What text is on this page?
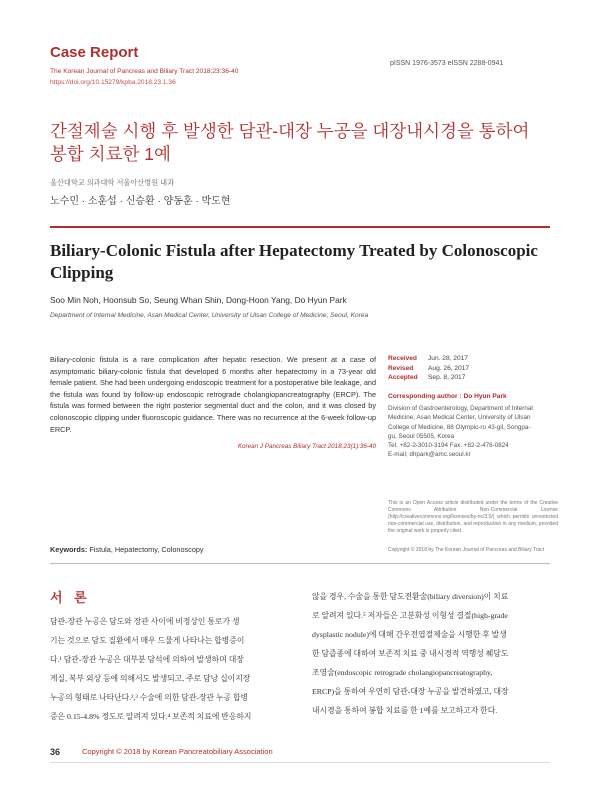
Case Report
The Korean Journal of Pancreas and Biliary Tract 2018;23:36-40
https://doi.org/10.15279/kpba.2018.23.1.36
pISSN 1976-3573 eISSN 2288-0941
간절제술 시행 후 발생한 담관-대장 누공을 대장내시경을 통하여 봉합 치료한 1예
울산대학교 의과대학 서울아산병원 내과
노수민 · 소훈섭 · 신승환 · 양동훈 · 박도현
Biliary-Colonic Fistula after Hepatectomy Treated by Colonoscopic Clipping
Soo Min Noh, Hoonsub So, Seung Whan Shin, Dong-Hoon Yang, Do Hyun Park
Department of Internal Medicine, Asan Medical Center, University of Ulsan College of Medicine, Seoul, Korea
Biliary-colonic fistula is a rare complication after hepatic resection. We present at a case of asymptomatic biliary-colonic fistula that developed 6 months after hepatectomy in a 73-year old female patient. She had been undergoing endoscopic treatment for a postoperative bile leakage, and the fistula was found by follow-up endoscopic retrograde cholangiopancreatography (ERCP). The fistula was formed between the right posterior segmental duct and the colon, and it was closed by colonoscopic clipping under fluoroscopic guidance. There was no recurrence at the 6-week follow-up ERCP.
Korean J Pancreas Biliary Tract 2018;23(1):36-40
Received Jun. 28, 2017
Revised Aug. 26, 2017
Accepted Sep. 8, 2017
Corresponding author : Do Hyun Park
Division of Gastroenterology, Department of Internal
Medicine, Asan Medical Center, University of Ulsan
College of Medicine, 88 Olympic-ro 43-gil, Songpa-
gu, Seoul 05505, Korea
Tel. +82-2-3010-3194 Fax. +82-2-476-0824
E-mail; dhpark@amc.seoul.kr
This is an Open Access article distributed under the terms of the Creative Commons Attribution Non-Commercial License (http://creativecommons.org/licenses/by-nc/3.0/) which permits unrestricted non-commercial use, distribution, and reproduction in any medium, provided the original work is properly cited.
Copyright © 2018 by The Korean Journal of Pancreas and Biliary Tract
Keywords: Fistula, Hepatectomy, Colonoscopy
서 론
담관-장관 누공은 담도와 장관 사이에 비정상인 통로가 생
기는 것으로 담도 질환에서 매우 드물게 나타나는 합병증이
다.¹ 담관-장관 누공은 대부분 담석에 의하여 발생하며 대장
게실, 복부 외상 등에 의해서도 발생되고, 주로 담낭 십이지장
누공의 형태로 나타난다.²,³ 수술에 의한 담관-장관 누공 합병
증은 0.15-4.8% 정도로 알려져 있다.⁴ 보존적 치료에 반응하지
않을 경우, 수술을 통한 담도전환술(biliary diversion)이 치료
로 알려져 있다.⁵ 저자들은 고분화성 이형성 결절(high-grade
dysplastic nodule)에 대해 간우전엽절제술을 시행한 후 발생
한 담즙종에 대하여 보존적 치료 중 내시경적 역행성 췌담도
조영술(endoscopic retrograde cholangiopancreatography,
ERCP)을 통하여 우연히 담관-대장 누공을 발견하였고, 대장
내시경을 통하여 봉합 치료를 한 1예를 보고하고자 한다.
36	Copyright © 2018 by Korean Pancreatobiliary Association
